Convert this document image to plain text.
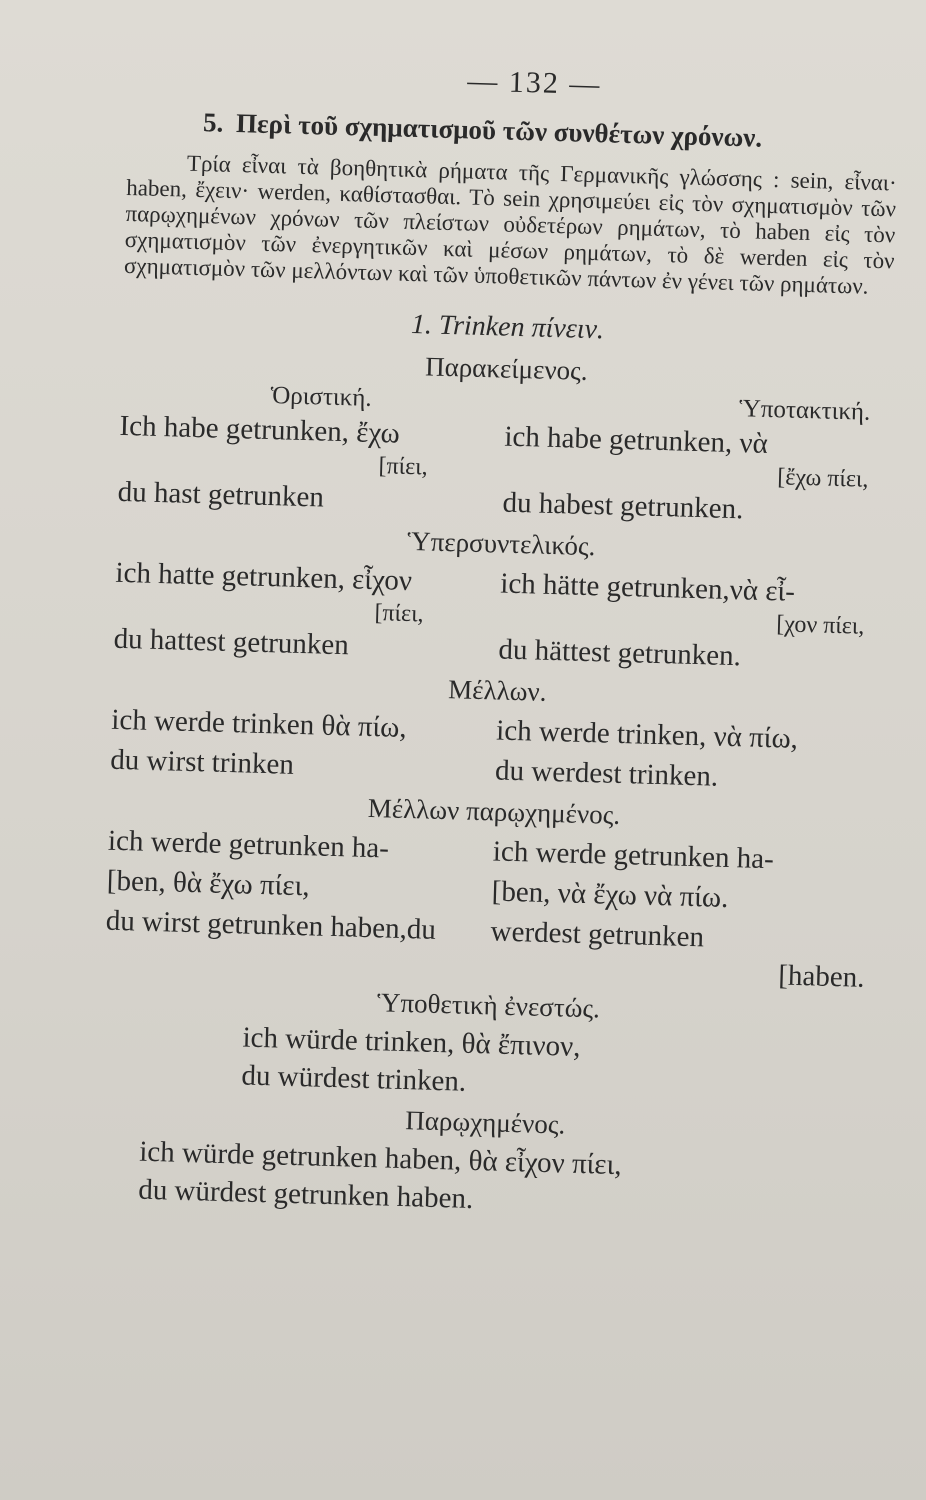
— 132 —
5. Περὶ τοῦ σχηματισμοῦ τῶν συνθέτων χρόνων.

Τρία εἶναι τὰ βοηθητικὰ ρήματα τῆς Γερμανικῆς γλώσσης : sein, εἶναι· haben, ἔχειν· werden, καθίστασθαι. Τὸ sein χρησιμεύει εἰς τὸν σχηματισμὸν τῶν παρῳχημένων χρόνων τῶν πλείστων οὐδετέρων ρημάτων, τὸ haben εἰς τὸν σχηματισμὸν τῶν ἐνεργητικῶν καὶ μέσων ρημάτων, τὸ δὲ werden εἰς τὸν σχηματισμὸν τῶν μελλόντων καὶ τῶν ὑποθετικῶν πάντων ἐν γένει τῶν ρημάτων.

1. Trinken πίνειν.
Παρακείμενος.
Ὁριστική.	Ὑποτακτική.
Ich habe getrunken, ἔχω	ich habe getrunken, νὰ
[πίει,	[ἔχω πίει,
du hast getrunken	du habest getrunken.
Ὑπερσυντελικός.
ich hatte getrunken, εἶχον	ich hätte getrunken,νὰ εἶ-
[πίει,	[χον πίει,
du hattest getrunken	du hättest getrunken.
Μέλλων.
ich werde trinken θὰ πίω,	ich werde trinken, νὰ πίω,
du wirst trinken	du werdest trinken.
Μέλλων παρῳχημένος.
ich werde getrunken ha-	ich werde getrunken ha-
[ben, θὰ ἔχω πίει,	[ben, νὰ ἔχω νὰ πίω.
du wirst getrunken haben,du	werdest getrunken
[haben.
Ὑποθετικὴ ἐνεστώς.
ich würde trinken, θὰ ἔπινον,
du würdest trinken.
Παρῳχημένος.
ich würde getrunken haben, θὰ εἶχον πίει,
du würdest getrunken haben.
